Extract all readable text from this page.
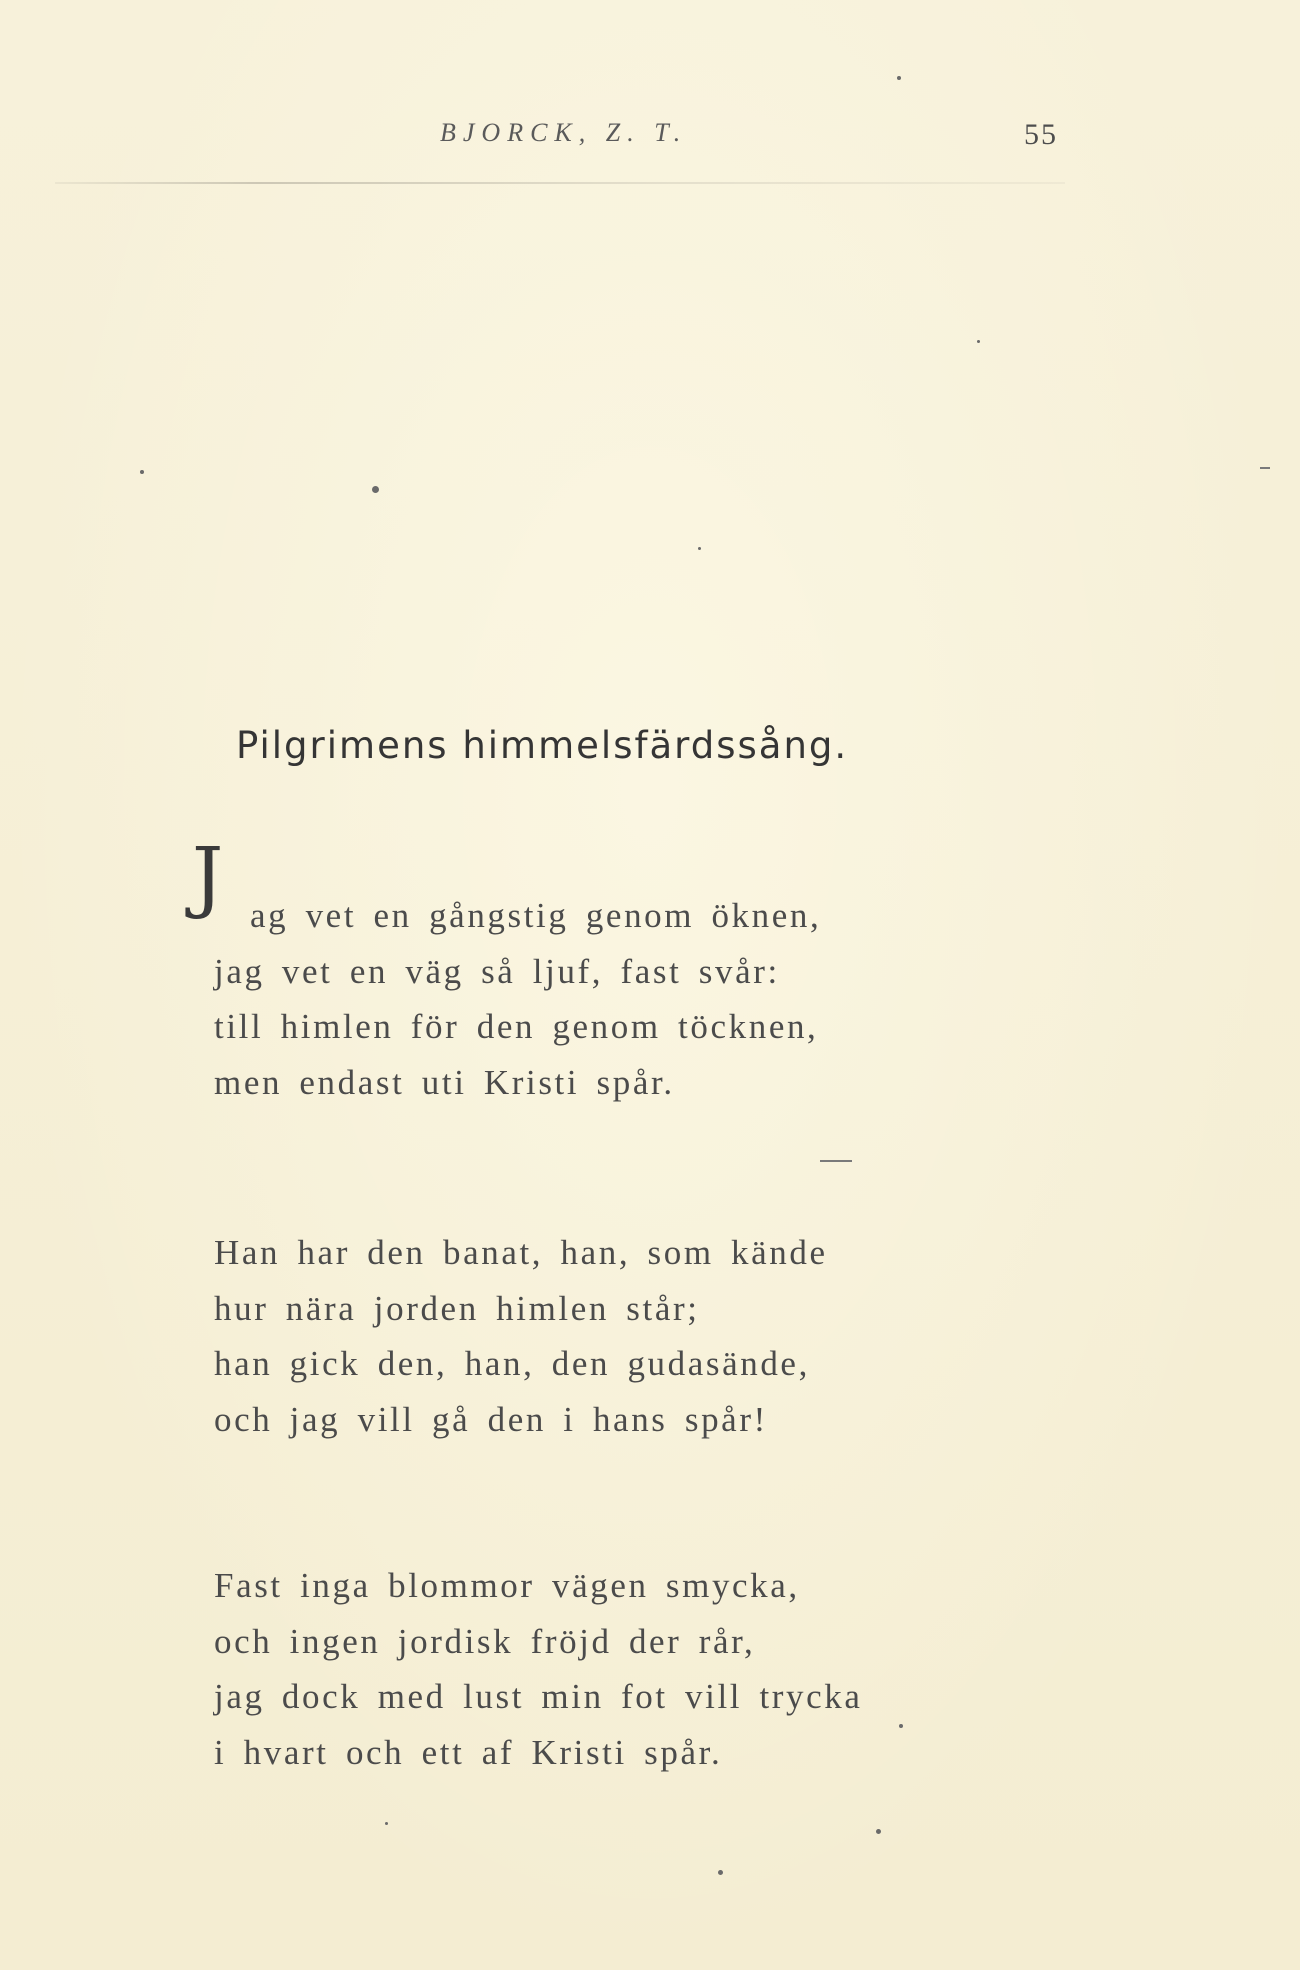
BJORCK, Z. T.	55
Pilgrimens himmelsfärdssång.
J ag vet en gångstig genom öknen,
jag vet en väg så ljuf, fast svår:
till himlen för den genom töcknen,
men endast uti Kristi spår.
Han har den banat, han, som kände
hur nära jorden himlen står;
han gick den, han, den gudasände,
och jag vill gå den i hans spår!
Fast inga blommor vägen smycka,
och ingen jordisk fröjd der rår,
jag dock med lust min fot vill trycka
i hvart och ett af Kristi spår.
